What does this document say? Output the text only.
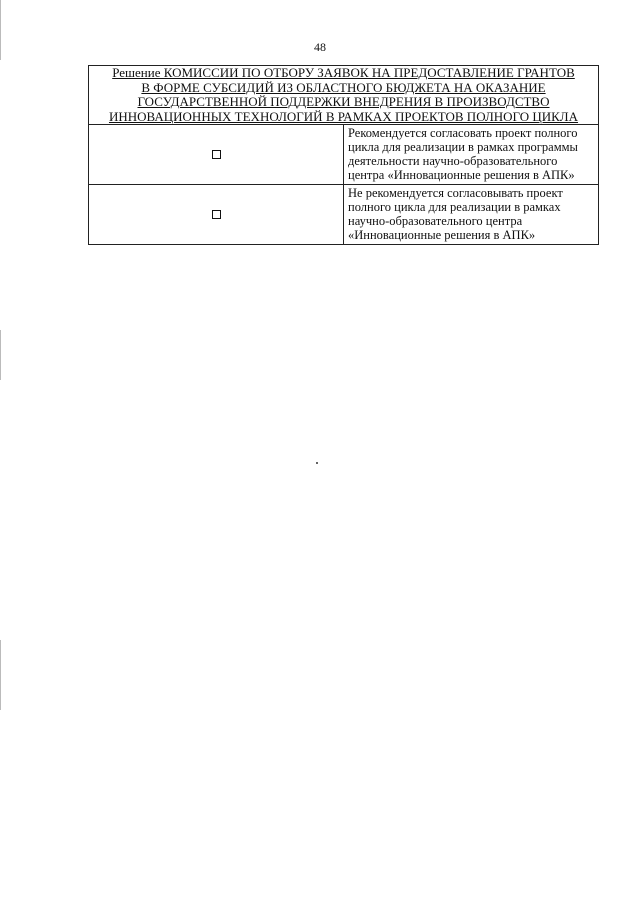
48
Решение КОМИССИИ ПО ОТБОРУ ЗАЯВОК НА ПРЕДОСТАВЛЕНИЕ ГРАНТОВ
В ФОРМЕ СУБСИДИЙ ИЗ ОБЛАСТНОГО БЮДЖЕТА НА ОКАЗАНИЕ
ГОСУДАРСТВЕННОЙ ПОДДЕРЖКИ ВНЕДРЕНИЯ В ПРОИЗВОДСТВО
ИННОВАЦИОННЫХ ТЕХНОЛОГИЙ В РАМКАХ ПРОЕКТОВ ПОЛНОГО ЦИКЛА	

	Рекомендуется согласовать проект полного цикла для реализации в рамках программы деятельности научно-образовательного центра «Инновационные решения в АПК»
	Не рекомендуется согласовывать проект полного цикла для реализации в рамках научно-образовательного центра «Инновационные решения в АПК»
